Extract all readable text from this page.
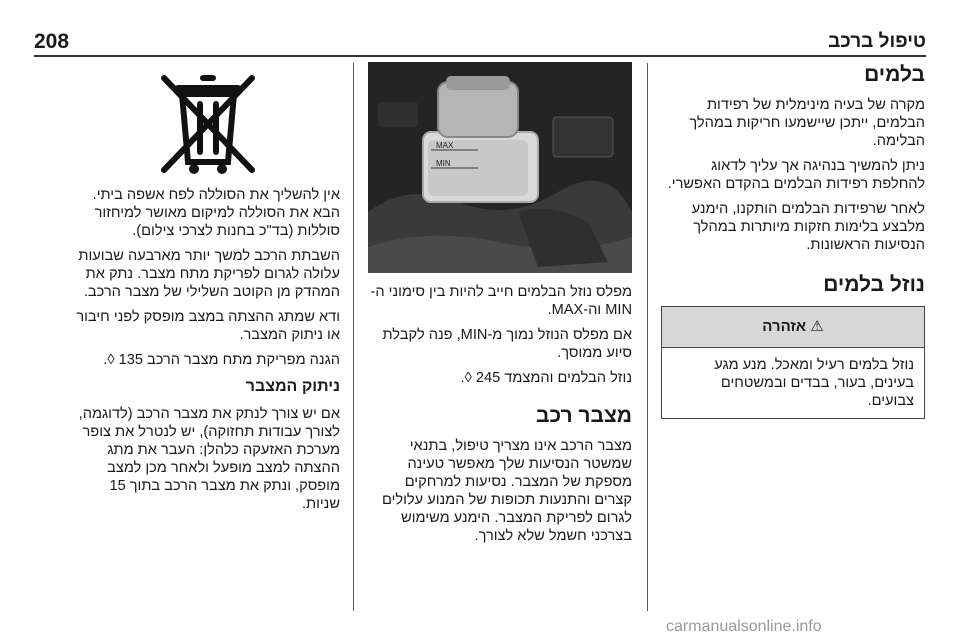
208	טיפול ברכב
בלמים

מקרה של בעיה מינימלית של רפידות הבלמים, ייתכן שיישמעו חריקות במהלך הבלימה.

ניתן להמשיך בנהיגה אך עליך לדאוג להחלפת רפידות הבלמים בהקדם האפשרי.

לאחר שרפידות הבלמים הותקנו, הימנע מלבצע בלימות חזקות מיותרות במהלך הנסיעות הראשונות.

נוזל בלמים
⚠ אזהרה

נוזל בלמים רעיל ומאכל. מנע מגע בעינים, בעור, בבדים ובמשטחים צבועים.

MAX
MIN

מפלס נוזל הבלמים חייב להיות בין סימוני ה-MIN וה-MAX.

אם מפלס הנוזל נמוך מ-MIN, פנה לקבלת סיוע ממוסך.

נוזל הבלמים והמצמד 245 ◊.

מצבר רכב

מצבר הרכב אינו מצריך טיפול, בתנאי שמשטר הנסיעות שלך מאפשר טעינה מספקת של המצבר. נסיעות למרחקים קצרים והתנעות תכופות של המנוע עלולים לגרום לפריקת המצבר. הימנע משימוש בצרכני חשמל שלא לצורך.

אין להשליך את הסוללה לפח אשפה ביתי. הבא את הסוללה למיקום מאושר למיחזור סוללות (בד"כ בחנות לצרכי צילום).

השבתת הרכב למשך יותר מארבעה שבועות עלולה לגרום לפריקת מתח מצבר. נתק את המהדק מן הקוטב השלילי של מצבר הרכב.

ודא שמתג ההצתה במצב מופסק לפני חיבור או ניתוק המצבר.

הגנה מפריקת מתח מצבר הרכב 135 ◊.

ניתוק המצבר

אם יש צורך לנתק את מצבר הרכב (לדוגמה, לצורך עבודות תחזוקה), יש לנטרל את צופר מערכת האזעקה כלהלן: העבר את מתג ההצתה למצב מופעל ולאחר מכן למצב מופסק, ונתק את מצבר הרכב בתוך 15 שניות.

carmanualsonline.info
